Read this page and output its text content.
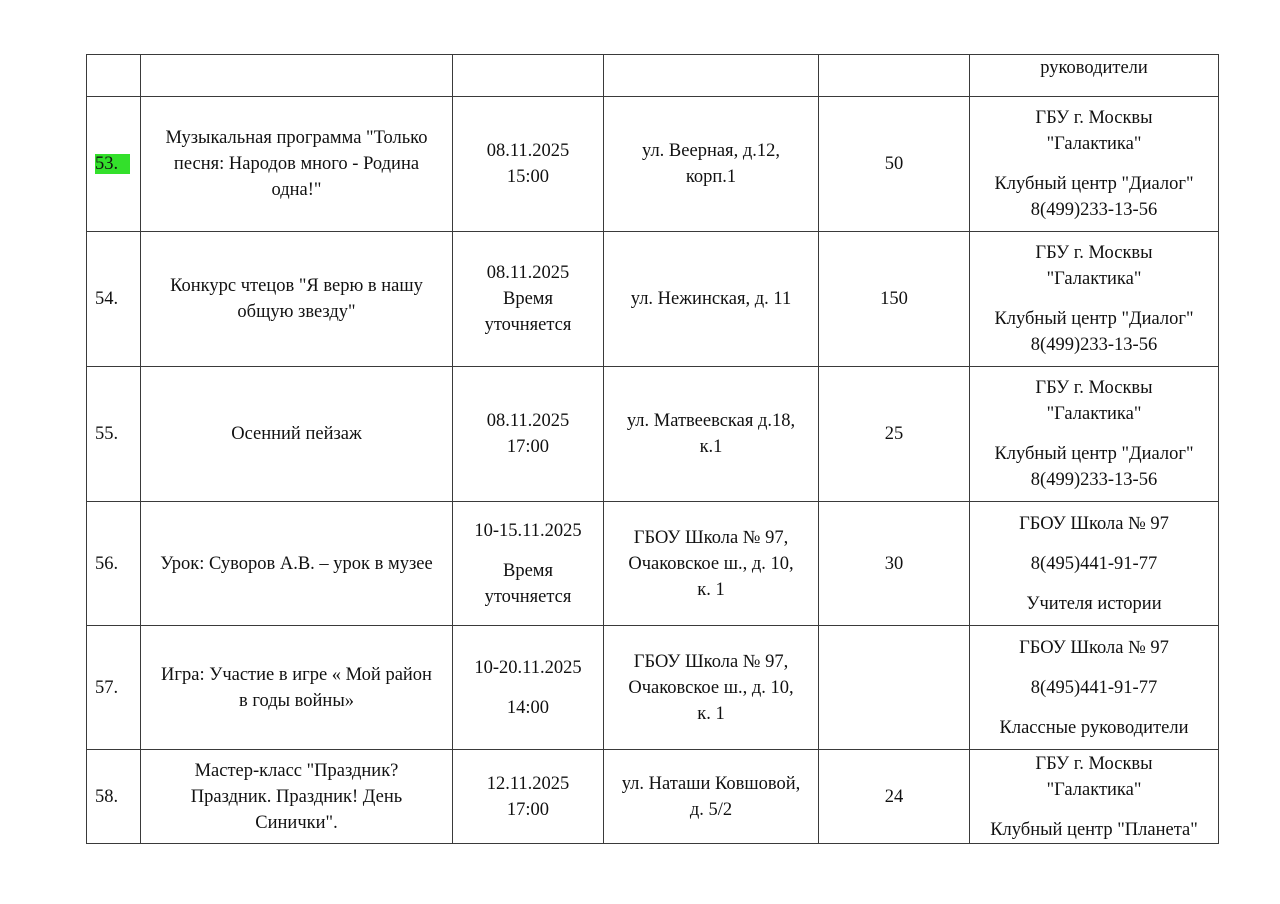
					руководители

53.	Музыкальная программа "Только
песня: Народов много - Родина
одна!"	08.11.2025
15:00	ул. Веерная, д.12,
корп.1	50	ГБУ г. Москвы
"Галактика"
Клубный центр "Диалог"
8(499)233-13-56

54.	Конкурс чтецов "Я верю в нашу
общую звезду"	08.11.2025
Время
уточняется	ул. Нежинская, д. 11	150	ГБУ г. Москвы
"Галактика"
Клубный центр "Диалог"
8(499)233-13-56

55.	Осенний пейзаж	08.11.2025
17:00	ул. Матвеевская д.18,
к.1	25	ГБУ г. Москвы
"Галактика"
Клубный центр "Диалог"
8(499)233-13-56

56.	Урок: Суворов А.В. – урок в музее	10-15.11.2025
Время
уточняется	ГБОУ Школа № 97,
Очаковское ш., д. 10,
к. 1	30	ГБОУ Школа № 97
8(495)441-91-77
Учителя истории

57.	Игра: Участие в игре « Мой район
в годы войны»	10-20.11.2025
14:00	ГБОУ Школа № 97,
Очаковское ш., д. 10,
к. 1		ГБОУ Школа № 97
8(495)441-91-77
Классные руководители

58.	Мастер-класс "Праздник?
Праздник. Праздник! День
Синички".	12.11.2025
17:00	ул. Наташи Ковшовой,
д. 5/2	24	ГБУ г. Москвы
"Галактика"
Клубный центр "Планета"
